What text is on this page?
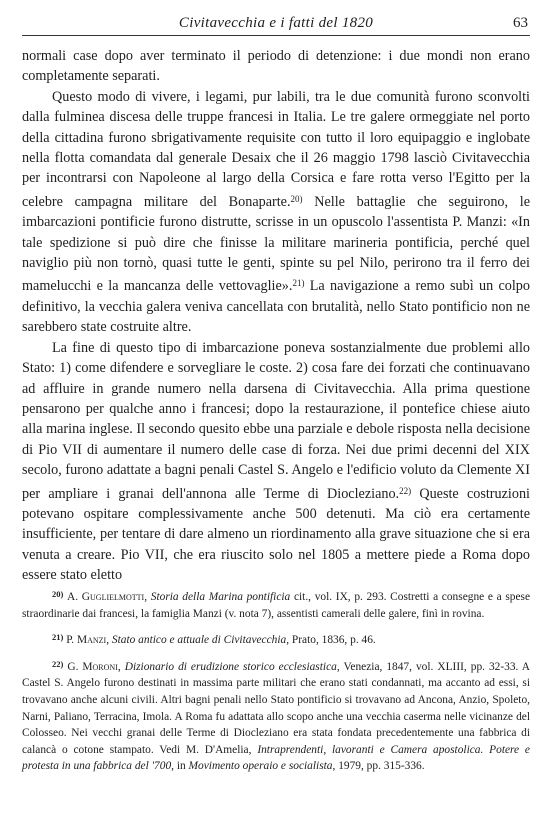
Civitavecchia e i fatti del 1820	63

normali case dopo aver terminato il periodo di detenzione: i due mondi non erano completamente separati.

Questo modo di vivere, i legami, pur labili, tra le due comunità furono sconvolti dalla fulminea discesa delle truppe francesi in Italia. Le tre galere ormeggiate nel porto della cittadina furono sbrigativamente requisite con tutto il loro equipaggio e inglobate nella flotta comandata dal generale Desaix che il 26 maggio 1798 lasciò Civitavecchia per incontrarsi con Napoleone al largo della Corsica e fare rotta verso l'Egitto per la celebre campagna militare del Bonaparte.$^{20)}$ Nelle battaglie che seguirono, le imbarcazioni pontificie furono distrutte, scrisse in un opuscolo l'assentista P. Manzi: «In tale spedizione si può dire che finisse la militare marineria pontificia, perché quel naviglio più non tornò, quasi tutte le genti, spinte su pel Nilo, perirono tra il ferro dei mamelucchi e la mancanza delle vettovaglie».$^{21)}$ La navigazione a remo subì un colpo definitivo, la vecchia galera veniva cancellata con brutalità, nello Stato pontificio non ne sarebbero state costruite altre.

La fine di questo tipo di imbarcazione poneva sostanzialmente due problemi allo Stato: 1) come difendere e sorvegliare le coste. 2) cosa fare dei forzati che continuavano ad affluire in grande numero nella darsena di Civitavecchia. Alla prima questione pensarono per qualche anno i francesi; dopo la restaurazione, il pontefice chiese aiuto alla marina inglese. Il secondo quesito ebbe una parziale e debole risposta nella decisione di Pio VII di aumentare il numero delle case di forza. Nei due primi decenni del XIX secolo, furono adattate a bagni penali Castel S. Angelo e l'edificio voluto da Clemente XI per ampliare i granai dell'annona alle Terme di Diocleziano.$^{22)}$ Queste costruzioni potevano ospitare complessivamente anche 500 detenuti. Ma ciò era certamente insufficiente, per tentare di dare almeno un riordinamento alla grave situazione che si era venuta a creare. Pio VII, che era riuscito solo nel 1805 a mettere piede a Roma dopo essere stato eletto

$^{20)}$ A. Guglielmotti, Storia della Marina pontificia cit., vol. IX, p. 293. Costretti a consegne e a spese straordinarie dai francesi, la famiglia Manzi (v. nota 7), assentisti camerali delle galere, finì in rovina.

$^{21)}$ P. Manzi, Stato antico e attuale di Civitavecchia, Prato, 1836, p. 46.

$^{22)}$ G. Moroni, Dizionario di erudizione storico ecclesiastica, Venezia, 1847, vol. XLIII, pp. 32-33. A Castel S. Angelo furono destinati in massima parte militari che erano stati condannati, ma accanto ad essi, si trovavano anche alcuni civili. Altri bagni penali nello Stato pontificio si trovavano ad Ancona, Anzio, Spoleto, Narni, Paliano, Terracina, Imola. A Roma fu adattata allo scopo anche una vecchia caserma nelle vicinanze del Colosseo. Nei vecchi granai delle Terme di Diocleziano era stata fondata precedentemente una fabbrica di calancà o cotone stampato. Vedi M. D'Amelia, Intraprendenti, lavoranti e Camera apostolica. Potere e protesta in una fabbrica del '700, in Movimento operaio e socialista, 1979, pp. 315-336.
